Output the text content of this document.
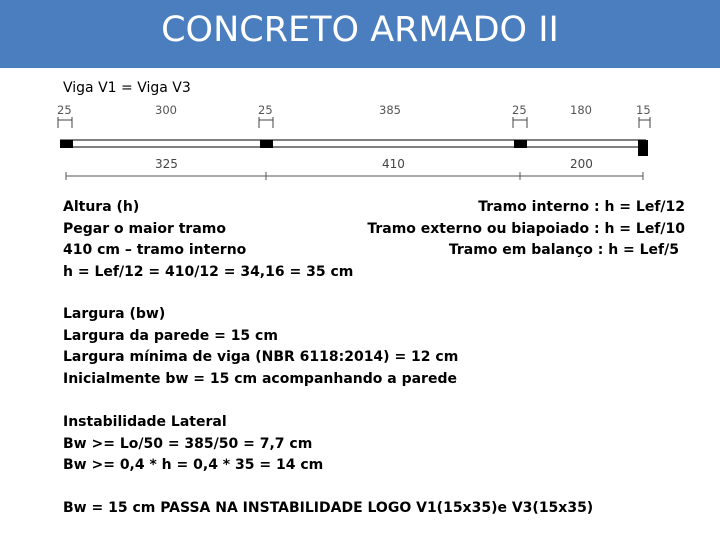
CONCRETO ARMADO II
Viga V1 = Viga V3
25	300	25	385	25	180	15
325	410	200
Altura (h)
Pegar o maior tramo
410 cm – tramo interno
h = Lef/12 = 410/12 = 34,16 = 35 cm
Tramo interno : h = Lef/12
Tramo externo ou biapoiado : h = Lef/10
Tramo em balanço : h = Lef/5
Largura (bw)
Largura da parede = 15 cm
Largura mínima de viga (NBR 6118:2014) = 12 cm
Inicialmente bw = 15 cm acompanhando a parede
Instabilidade Lateral
Bw >= Lo/50 = 385/50 = 7,7 cm
Bw >= 0,4 * h = 0,4 * 35 = 14 cm
Bw = 15 cm PASSA NA INSTABILIDADE LOGO V1(15x35)e V3(15x35)
